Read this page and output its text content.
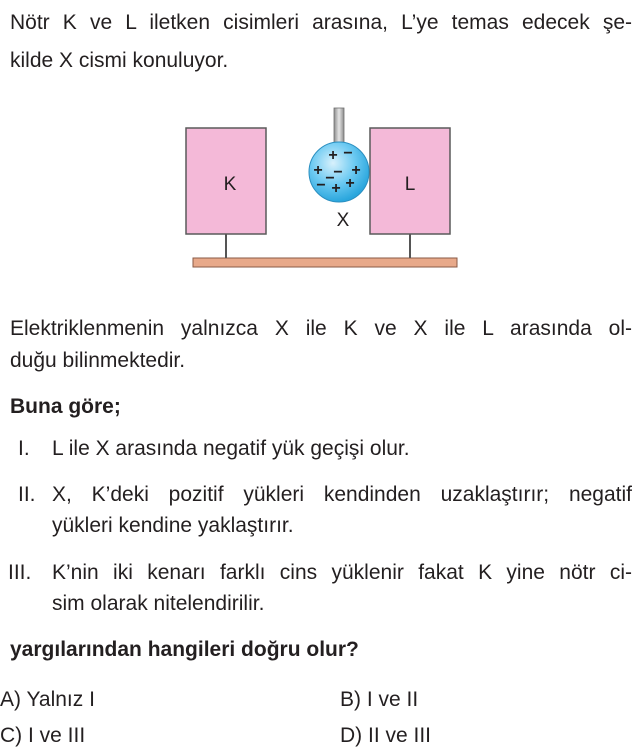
Nötr K ve L iletken cisimleri arasına, L’ye temas edecek şe-
kilde X cismi konuluyor.
K	L
+ −
+ − +
− + +
−
X
Elektriklenmenin yalnızca X ile K ve X ile L arasında ol-
duğu bilinmektedir.
Buna göre;
I. L ile X arasında negatif yük geçişi olur.
II. X, K’deki pozitif yükleri kendinden uzaklaştırır; negatif
yükleri kendine yaklaştırır.
III. K’nin iki kenarı farklı cins yüklenir fakat K yine nötr ci-
sim olarak nitelendirilir.
yargılarından hangileri doğru olur?
A) Yalnız I	B) I ve II
C) I ve III	D) II ve III
